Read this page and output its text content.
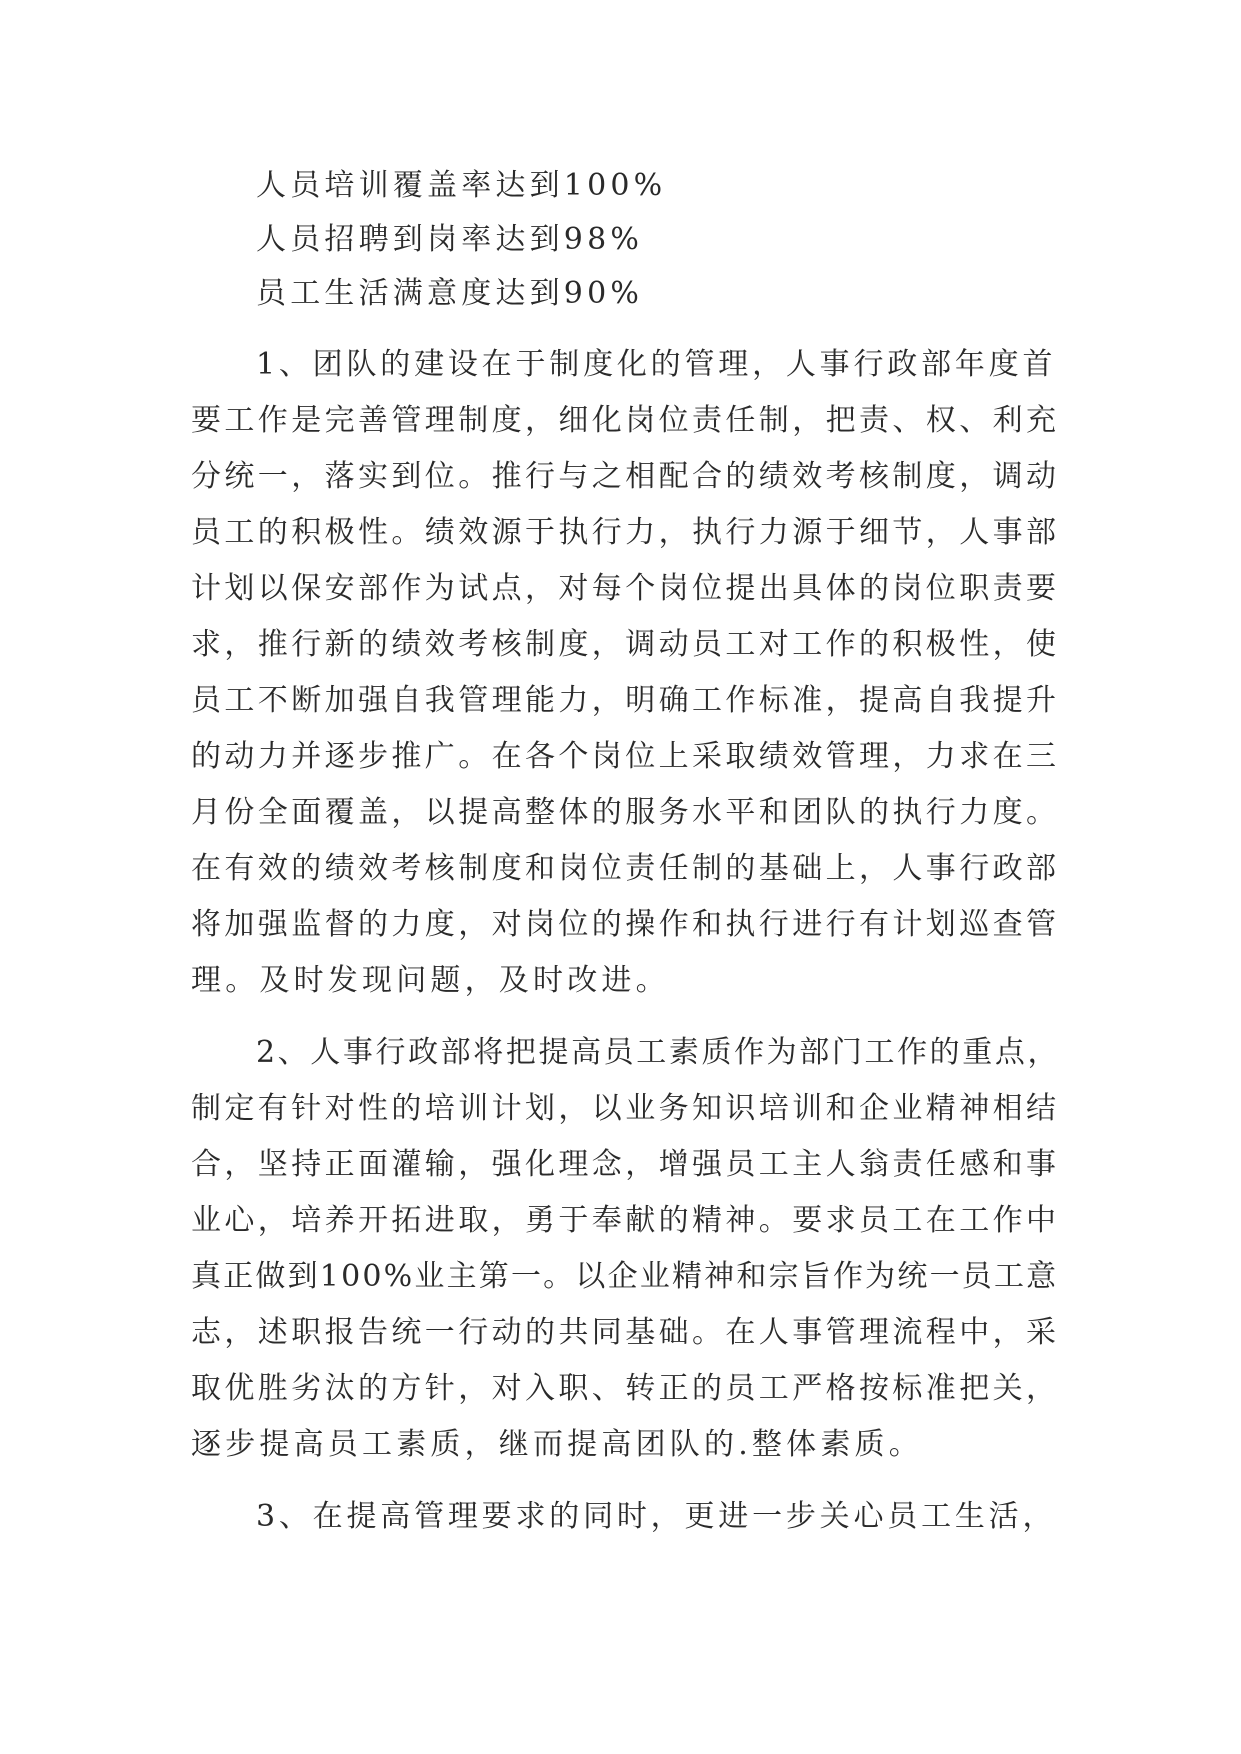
人员培训覆盖率达到100%
人员招聘到岗率达到98%
员工生活满意度达到90%
1、团队的建设在于制度化的管理，人事行政部年度首
要工作是完善管理制度，细化岗位责任制，把责、权、利充
分统一，落实到位。推行与之相配合的绩效考核制度，调动
员工的积极性。绩效源于执行力，执行力源于细节，人事部
计划以保安部作为试点，对每个岗位提出具体的岗位职责要
求，推行新的绩效考核制度，调动员工对工作的积极性，使
员工不断加强自我管理能力，明确工作标准，提高自我提升
的动力并逐步推广。在各个岗位上采取绩效管理，力求在三
月份全面覆盖，以提高整体的服务水平和团队的执行力度。
在有效的绩效考核制度和岗位责任制的基础上，人事行政部
将加强监督的力度，对岗位的操作和执行进行有计划巡查管
理。及时发现问题，及时改进。
2、人事行政部将把提高员工素质作为部门工作的重点，
制定有针对性的培训计划，以业务知识培训和企业精神相结
合，坚持正面灌输，强化理念，增强员工主人翁责任感和事
业心，培养开拓进取，勇于奉献的精神。要求员工在工作中
真正做到100%业主第一。以企业精神和宗旨作为统一员工意
志，述职报告统一行动的共同基础。在人事管理流程中，采
取优胜劣汰的方针，对入职、转正的员工严格按标准把关，
逐步提高员工素质，继而提高团队的.整体素质。
3、在提高管理要求的同时，更进一步关心员工生活，
